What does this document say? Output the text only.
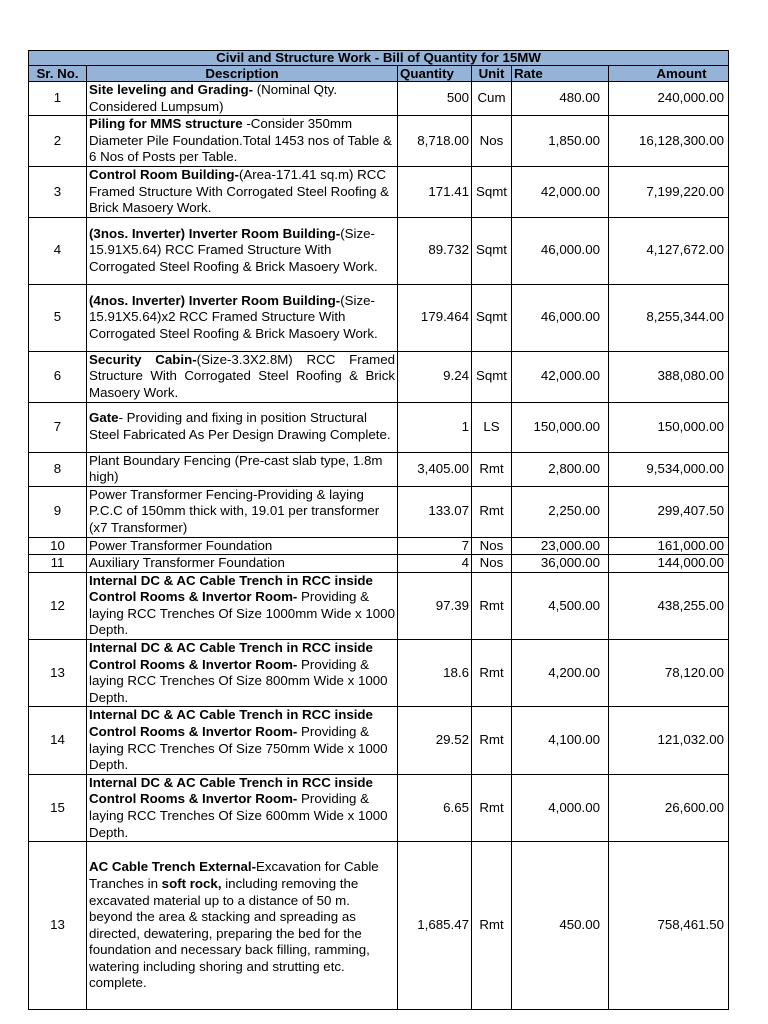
Civil and Structure Work - Bill of Quantity for 15MW					
Sr. No.	Description	Quantity	Unit	Rate	Amount
1	Site leveling and Grading- (Nominal Qty. Considered Lumpsum)	500	Cum	480.00	240,000.00
2	Piling for MMS structure -Consider 350mm Diameter Pile Foundation.Total 1453 nos of Table & 6 Nos of Posts per Table.	8,718.00	Nos	1,850.00	16,128,300.00
3	Control Room Building-(Area-171.41 sq.m) RCC Framed Structure With Corrogated Steel Roofing & Brick Masoery Work.	171.41	Sqmt	42,000.00	7,199,220.00
4	(3nos. Inverter) Inverter Room Building-(Size-15.91X5.64) RCC Framed Structure With Corrogated Steel Roofing & Brick Masoery Work.	89.732	Sqmt	46,000.00	4,127,672.00
5	(4nos. Inverter) Inverter Room Building-(Size-15.91X5.64)x2 RCC Framed Structure With Corrogated Steel Roofing & Brick Masoery Work.	179.464	Sqmt	46,000.00	8,255,344.00
6	Security Cabin-(Size-3.3X2.8M) RCC Framed Structure With Corrogated Steel Roofing & Brick Masoery Work.	9.24	Sqmt	42,000.00	388,080.00
7	Gate- Providing and fixing in position Structural Steel Fabricated As Per Design Drawing Complete.	1	LS	150,000.00	150,000.00
8	Plant Boundary Fencing (Pre-cast slab type, 1.8m high)	3,405.00	Rmt	2,800.00	9,534,000.00
9	Power Transformer Fencing-Providing & laying P.C.C of 150mm thick with, 19.01 per transformer (x7 Transformer)	133.07	Rmt	2,250.00	299,407.50
10	Power Transformer Foundation	7	Nos	23,000.00	161,000.00
11	Auxiliary Transformer Foundation	4	Nos	36,000.00	144,000.00
12	Internal DC & AC Cable Trench in RCC inside Control Rooms & Invertor Room- Providing & laying RCC Trenches Of Size 1000mm Wide x 1000 Depth.	97.39	Rmt	4,500.00	438,255.00
13	Internal DC & AC Cable Trench in RCC inside Control Rooms & Invertor Room- Providing & laying RCC Trenches Of Size 800mm Wide x 1000 Depth.	18.6	Rmt	4,200.00	78,120.00
14	Internal DC & AC Cable Trench in RCC inside Control Rooms & Invertor Room- Providing & laying RCC Trenches Of Size 750mm Wide x 1000 Depth.	29.52	Rmt	4,100.00	121,032.00
15	Internal DC & AC Cable Trench in RCC inside Control Rooms & Invertor Room- Providing & laying RCC Trenches Of Size 600mm Wide x 1000 Depth.	6.65	Rmt	4,000.00	26,600.00
13	AC Cable Trench External-Excavation for Cable Tranches in soft rock, including removing the excavated material up to a distance of 50 m. beyond the area & stacking and spreading as directed, dewatering, preparing the bed for the foundation and necessary back filling, ramming, watering including shoring and strutting etc. complete.	1,685.47	Rmt	450.00	758,461.50
